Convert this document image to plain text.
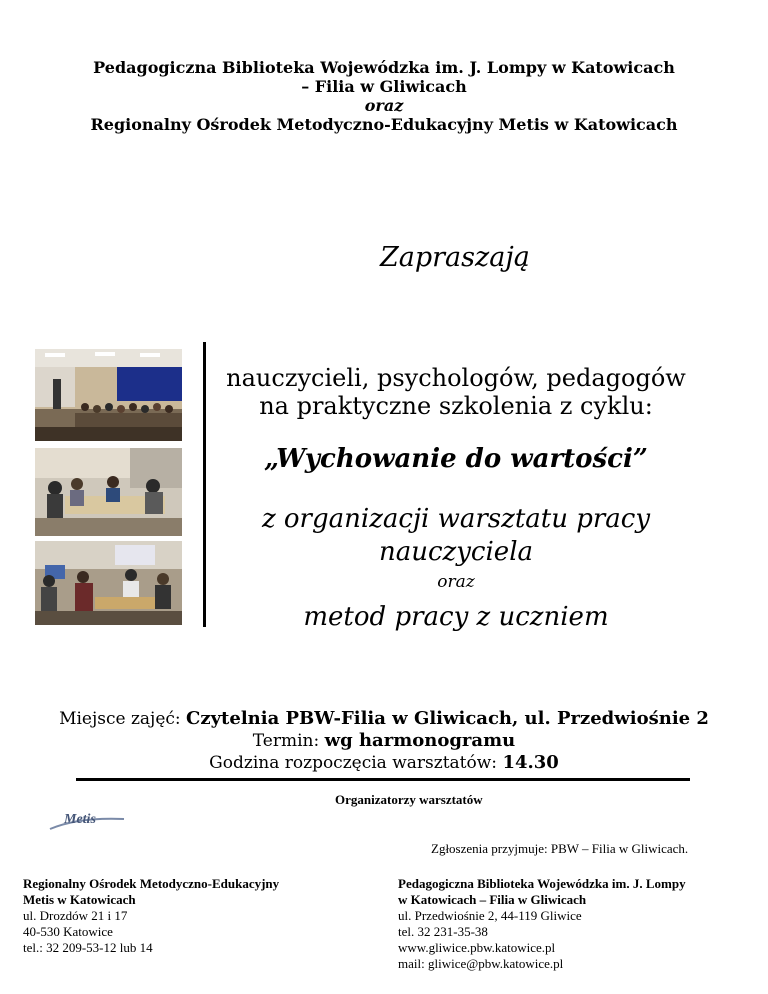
Pedagogiczna Biblioteka Wojewódzka im. J. Lompy w Katowicach
– Filia w Gliwicach
oraz
Regionalny Ośrodek Metodyczno-Edukacyjny Metis w Katowicach
Zapraszają
nauczycieli, psychologów, pedagogów
na praktyczne szkolenia z cyklu:
„Wychowanie do wartości”
z organizacji warsztatu pracy
nauczyciela
oraz
metod pracy z uczniem
Miejsce zajęć: Czytelnia PBW-Filia w Gliwicach, ul. Przedwiośnie 2
Termin: wg harmonogramu
Godzina rozpoczęcia warsztatów: 14.30
Organizatorzy warsztatów
Metis
Zgłoszenia przyjmuje: PBW – Filia w Gliwicach.
Regionalny Ośrodek Metodyczno-Edukacyjny
Metis w Katowicach
ul. Drozdów 21 i 17
40-530 Katowice
tel.: 32 209-53-12 lub 14
Pedagogiczna Biblioteka Wojewódzka im. J. Lompy
w Katowicach – Filia w Gliwicach
ul. Przedwiośnie 2, 44-119 Gliwice
tel. 32 231-35-38
www.gliwice.pbw.katowice.pl
mail: gliwice@pbw.katowice.pl
